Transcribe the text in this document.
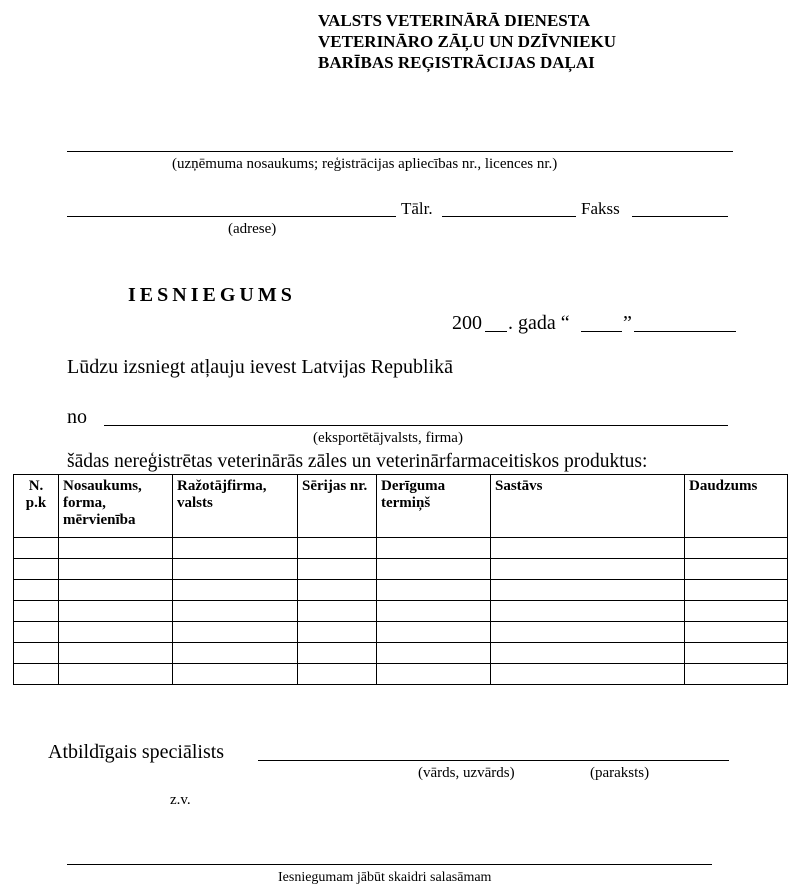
VALSTS VETERINĀRĀ DIENESTA
VETERINĀRO ZĀĻU UN DZĪVNIEKU
BARĪBAS REĢISTRĀCIJAS DAĻAI
(uzņēmuma nosaukums; reģistrācijas apliecības nr., licences nr.)
Tālr.	Fakss
(adrese)
IESNIEGUMS
200 . gada “	”
Lūdzu izsniegt atļauju ievest Latvijas Republikā
no
(eksportētājvalsts, firma)
šādas nereģistrētas veterinārās zāles un veterinārfarmaceitiskos produktus:
N. p.k	Nosaukums, forma, mērvienība	Ražotājfirma, valsts	Sērijas nr.	Derīguma termiņš	Sastāvs	Daudzums

Atbildīgais speciālists
(vārds, uzvārds)	(paraksts)
z.v.
Iesniegumam jābūt skaidri salasāmam
